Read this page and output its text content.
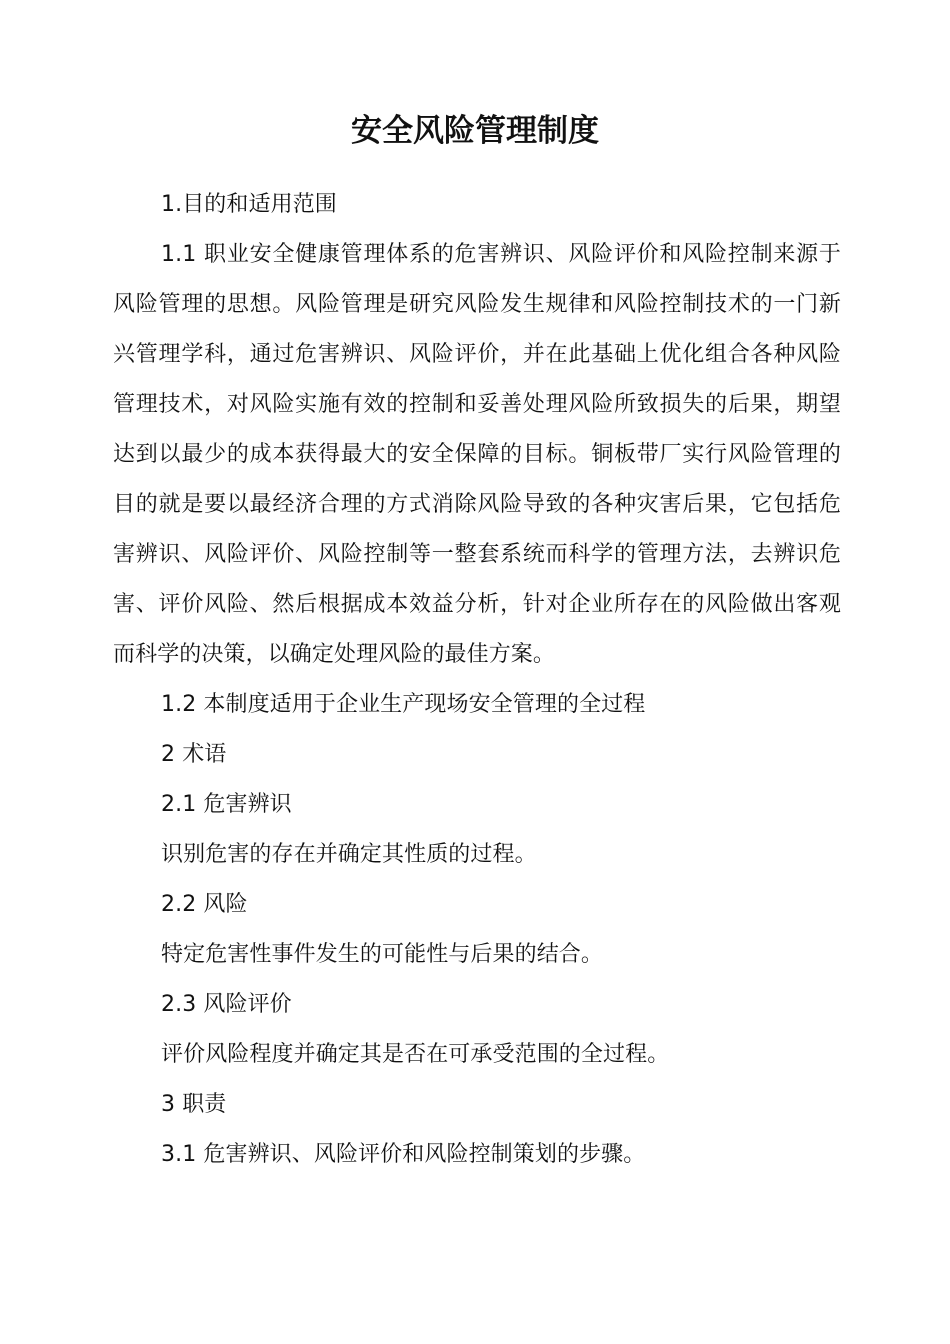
安全风险管理制度

1.目的和适用范围

1.1 职业安全健康管理体系的危害辨识、风险评价和风险控制来源于风险管理的思想。风险管理是研究风险发生规律和风险控制技术的一门新兴管理学科，通过危害辨识、风险评价，并在此基础上优化组合各种风险管理技术，对风险实施有效的控制和妥善处理风险所致损失的后果，期望达到以最少的成本获得最大的安全保障的目标。铜板带厂实行风险管理的目的就是要以最经济合理的方式消除风险导致的各种灾害后果，它包括危害辨识、风险评价、风险控制等一整套系统而科学的管理方法，去辨识危害、评价风险、然后根据成本效益分析，针对企业所存在的风险做出客观而科学的决策，以确定处理风险的最佳方案。

1.2 本制度适用于企业生产现场安全管理的全过程

2 术语

2.1 危害辨识

识别危害的存在并确定其性质的过程。

2.2 风险

特定危害性事件发生的可能性与后果的结合。

2.3 风险评价

评价风险程度并确定其是否在可承受范围的全过程。

3 职责

3.1 危害辨识、风险评价和风险控制策划的步骤。
